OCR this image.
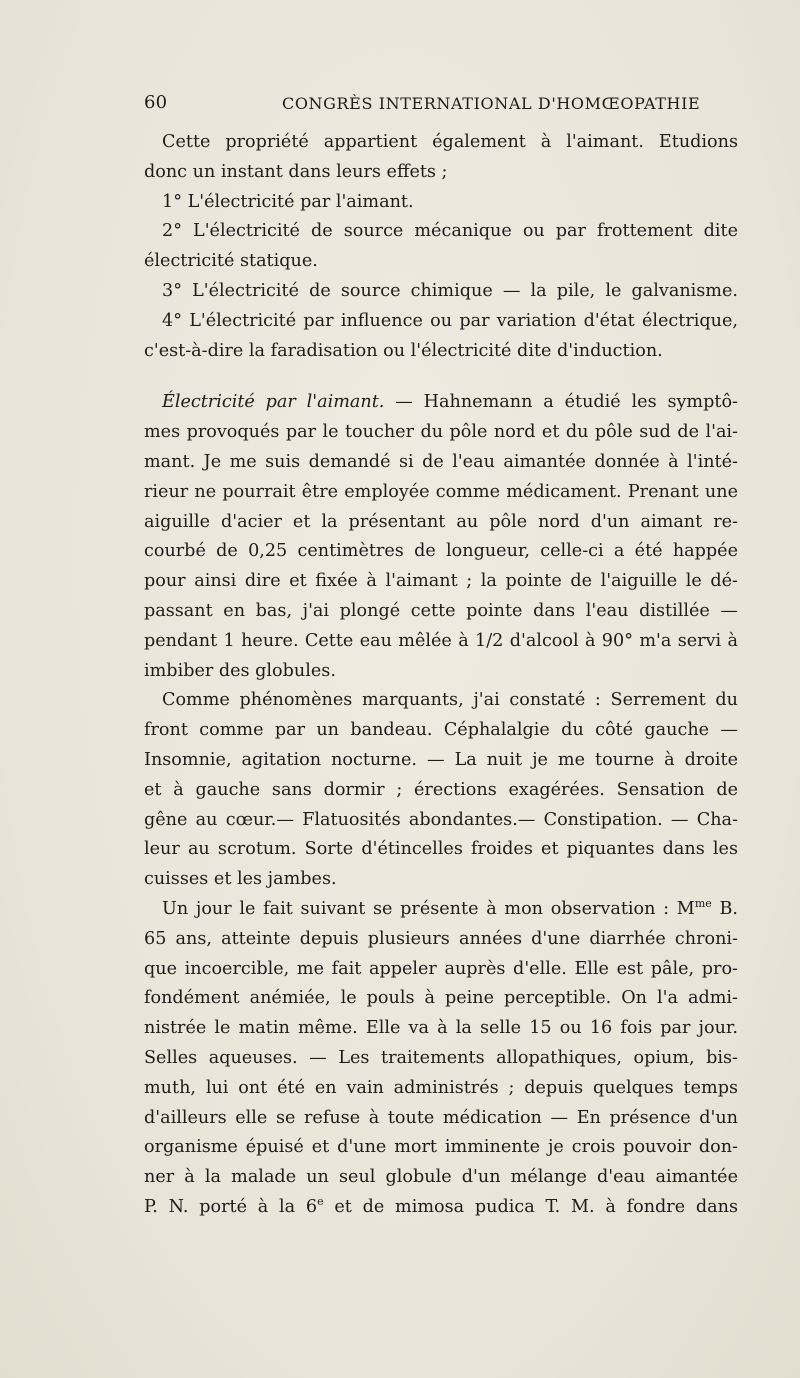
60	CONGRÈS INTERNATIONAL D'HOMŒOPATHIE
Cette propriété appartient également à l'aimant. Etudions
donc un instant dans leurs effets ;
1° L'électricité par l'aimant.
2° L'électricité de source mécanique ou par frottement dite
électricité statique.
3° L'électricité de source chimique — la pile, le galvanisme.
4° L'électricité par influence ou par variation d'état électrique,
c'est-à-dire la faradisation ou l'électricité dite d'induction.
Électricité par l'aimant. — Hahnemann a étudié les symptô-
mes provoqués par le toucher du pôle nord et du pôle sud de l'ai-
mant. Je me suis demandé si de l'eau aimantée donnée à l'inté-
rieur ne pourrait être employée comme médicament. Prenant une
aiguille d'acier et la présentant au pôle nord d'un aimant re-
courbé de 0,25 centimètres de longueur, celle-ci a été happée
pour ainsi dire et fixée à l'aimant ; la pointe de l'aiguille le dé-
passant en bas, j'ai plongé cette pointe dans l'eau distillée —
pendant 1 heure. Cette eau mêlée à 1/2 d'alcool à 90° m'a servi à
imbiber des globules.
Comme phénomènes marquants, j'ai constaté : Serrement du
front comme par un bandeau. Céphalalgie du côté gauche —
Insomnie, agitation nocturne. — La nuit je me tourne à droite
et à gauche sans dormir ; érections exagérées. Sensation de
gêne au cœur.— Flatuosités abondantes.— Constipation. — Cha-
leur au scrotum. Sorte d'étincelles froides et piquantes dans les
cuisses et les jambes.
Un jour le fait suivant se présente à mon observation : $M^{me}$ B.
65 ans, atteinte depuis plusieurs années d'une diarrhée chroni-
que incoercible, me fait appeler auprès d'elle. Elle est pâle, pro-
fondément anémiée, le pouls à peine perceptible. On l'a admi-
nistrée le matin même. Elle va à la selle 15 ou 16 fois par jour.
Selles aqueuses. — Les traitements allopathiques, opium, bis-
muth, lui ont été en vain administrés ; depuis quelques temps
d'ailleurs elle se refuse à toute médication — En présence d'un
organisme épuisé et d'une mort imminente je crois pouvoir don-
ner à la malade un seul globule d'un mélange d'eau aimantée
P. N. porté à la 6e et de mimosa pudica T. M. à fondre dans
